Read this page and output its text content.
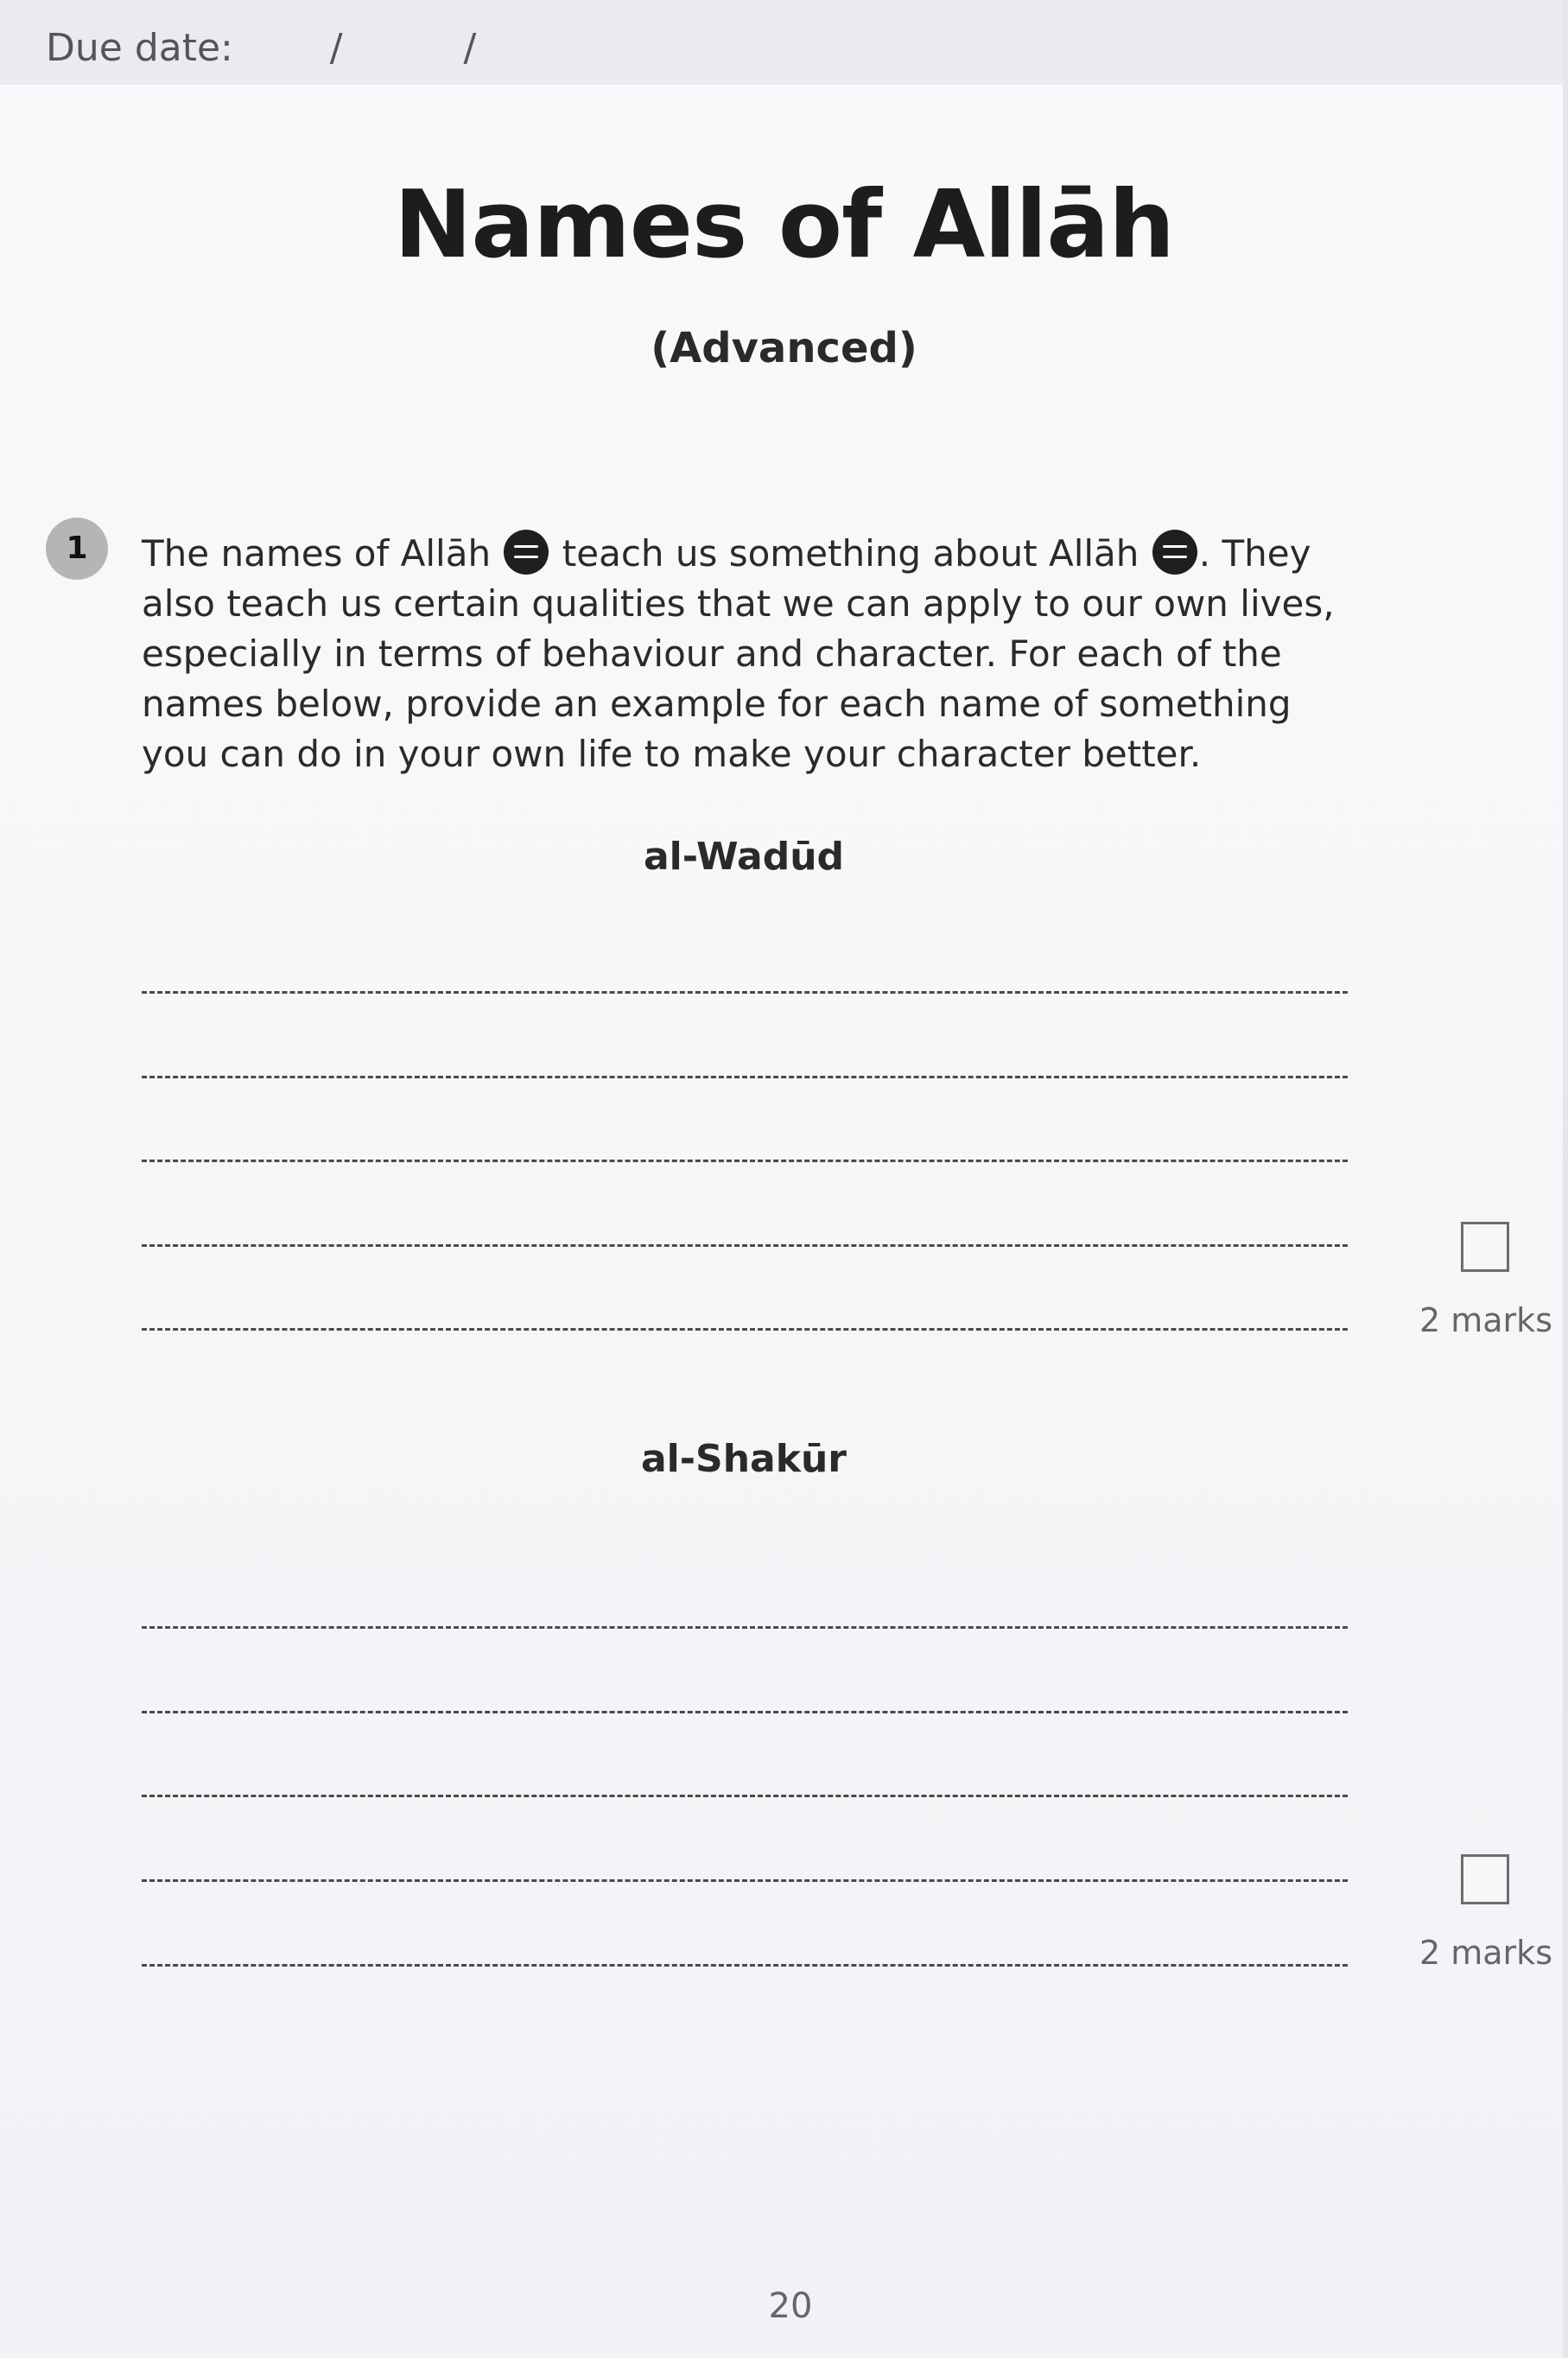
Due date:        /          /
Names of Allāh
(Advanced)
1	The names of Allāh  teach us something about Allāh . They also teach us certain qualities that we can apply to our own lives, especially in terms of behaviour and character. For each of the names below, provide an example for each name of something you can do in your own life to make your character better.

al-Wadūd
2 marks
al-Shakūr
2 marks
20
